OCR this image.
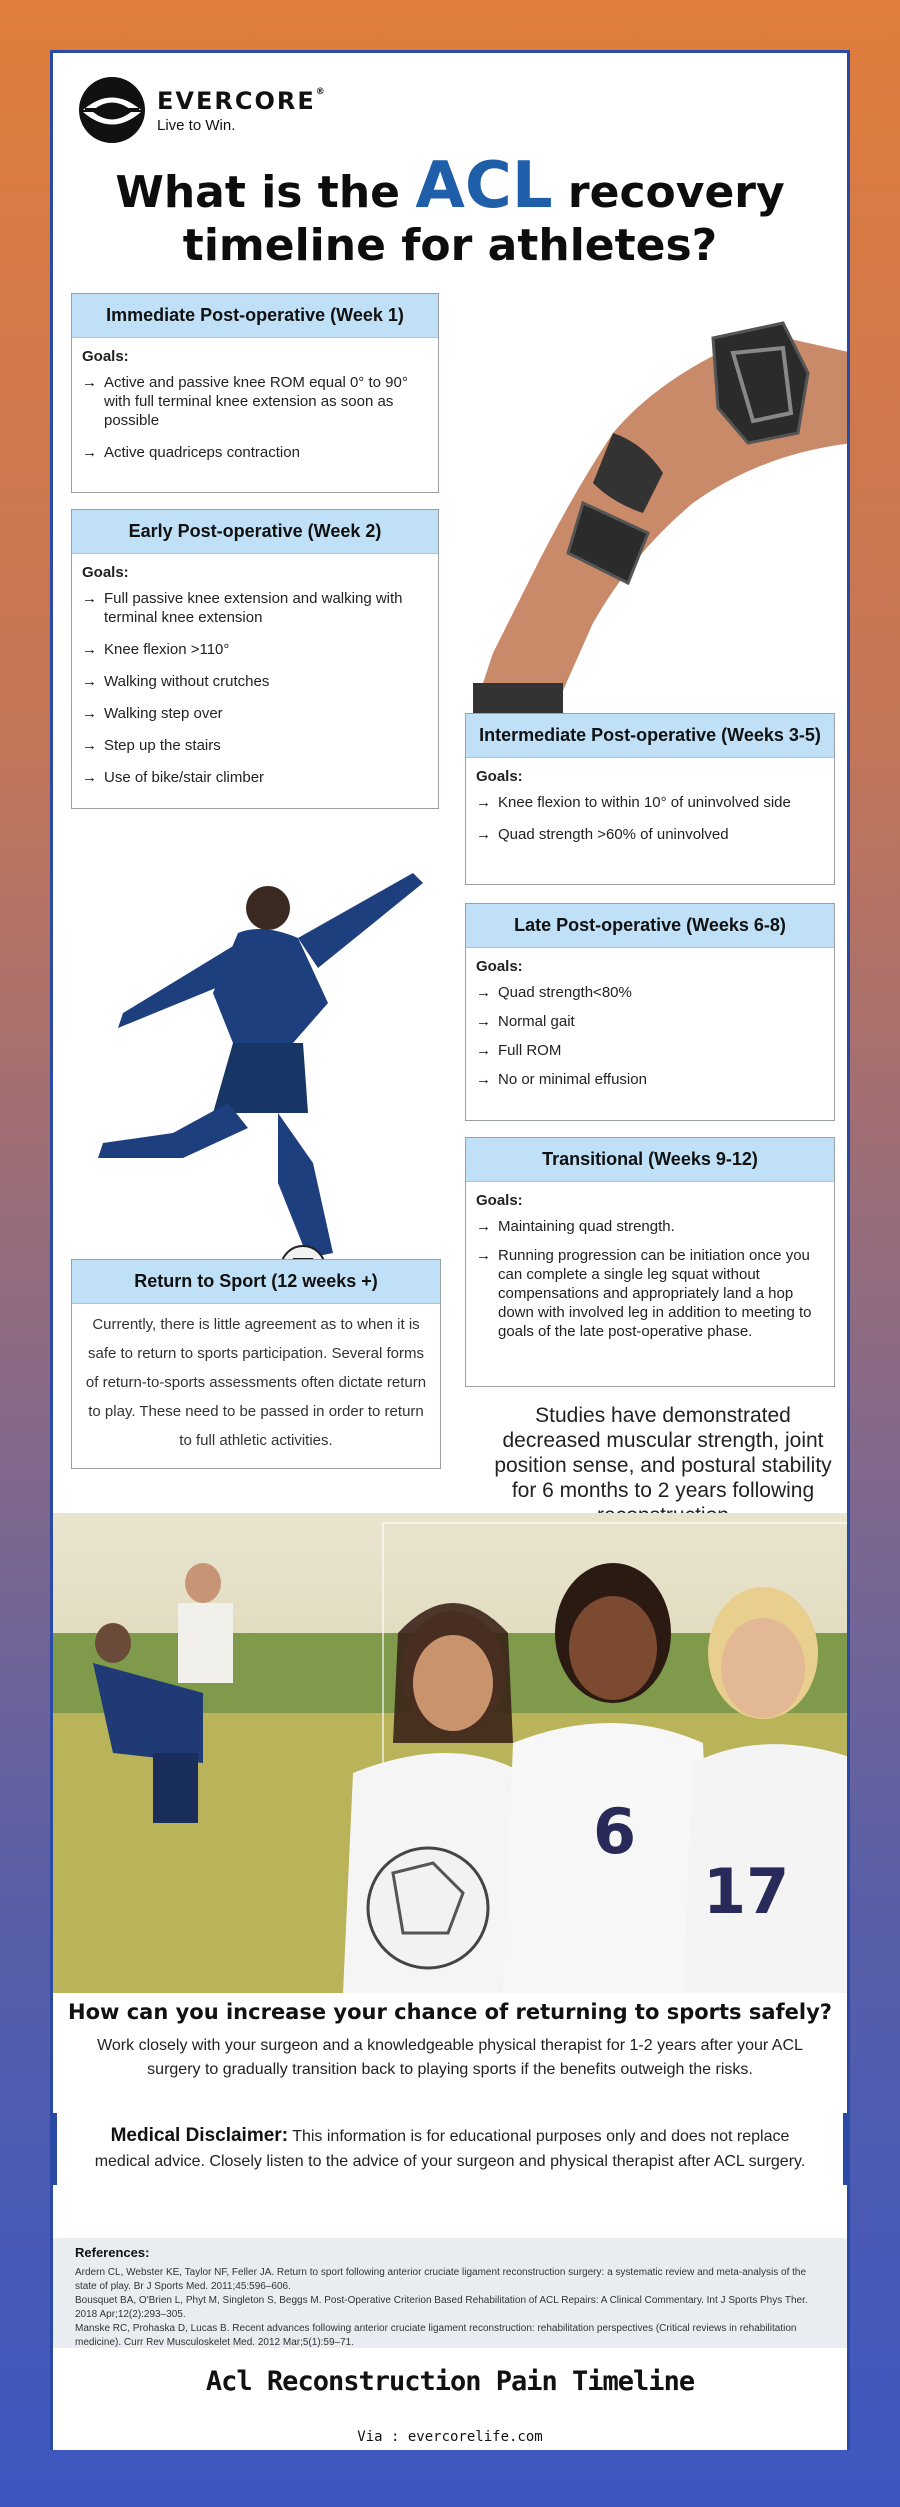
EVERCORE®
Live to Win.
What is the ACL recovery
timeline for athletes?
Immediate Post-operative (Week 1)
Goals:
→ Active and passive knee ROM equal 0° to 90° with full terminal knee extension as soon as possible
→ Active quadriceps contraction
Early Post-operative (Week 2)
Goals:
→ Full passive knee extension and walking with terminal knee extension
→ Knee flexion >110°
→ Walking without crutches
→ Walking step over
→ Step up the stairs
→ Use of bike/stair climber
Intermediate Post-operative (Weeks 3-5)
Goals:
→ Knee flexion to within 10° of uninvolved side
→ Quad strength >60% of uninvolved
Late Post-operative (Weeks 6-8)
Goals:
→ Quad strength<80%
→ Normal gait
→ Full ROM
→ No or minimal effusion
Transitional (Weeks 9-12)
Goals:
→ Maintaining quad strength.
→ Running progression can be initiation once you can complete a single leg squat without compensations and appropriately land a hop down with involved leg in addition to meeting to goals of the late post-operative phase.
Return to Sport (12 weeks +)
Currently, there is little agreement as to when it is safe to return to sports participation. Several forms of return-to-sports assessments often dictate return to play. These need to be passed in order to return to full athletic activities.
Studies have demonstrated decreased muscular strength, joint position sense, and postural stability for 6 months to 2 years following
6
17
How can you increase your chance of returning to sports safely?

Work closely with your surgeon and a knowledgeable physical therapist for 1-2 years after your ACL surgery to gradually transition back to playing sports if the benefits outweigh the risks.

Medical Disclaimer: This information is for educational purposes only and does not replace medical advice. Closely listen to the advice of your surgeon and physical therapist after ACL surgery.
References:
Ardern CL, Webster KE, Taylor NF, Feller JA. Return to sport following anterior cruciate ligament reconstruction surgery: a systematic review and meta-analysis of the state of play. Br J Sports Med. 2011;45:596–606.
Bousquet BA, O'Brien L, Phyt M, Singleton S, Beggs M. Post-Operative Criterion Based Rehabilitation of ACL Repairs: A Clinical Commentary. Int J Sports Phys Ther. 2018 Apr;12(2):293–305.
Manske RC, Prohaska D, Lucas B. Recent advances following anterior cruciate ligament reconstruction: rehabilitation perspectives (Critical reviews in rehabilitation medicine). Curr Rev Musculoskelet Med. 2012 Mar;5(1):59–71.
Acl Reconstruction Pain Timeline
Via : evercorelife.com
